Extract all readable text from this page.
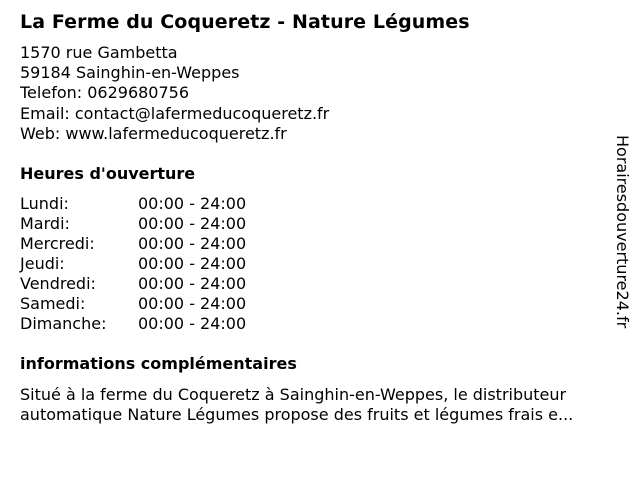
La Ferme du Coqueretz - Nature Légumes
1570 rue Gambetta
59184 Sainghin-en-Weppes
Telefon: 0629680756
Email: contact@lafermeducoqueretz.fr
Web: www.lafermeducoqueretz.fr
Heures d'ouverture
Lundi:	00:00 - 24:00
Mardi:	00:00 - 24:00
Mercredi:	00:00 - 24:00
Jeudi:	00:00 - 24:00
Vendredi:	00:00 - 24:00
Samedi:	00:00 - 24:00
Dimanche: 00:00 - 24:00
informations complémentaires
Situé à la ferme du Coqueretz à Sainghin-en-Weppes, le distributeur
automatique Nature Légumes propose des fruits et légumes frais e...
Horairesdouverture24.fr
